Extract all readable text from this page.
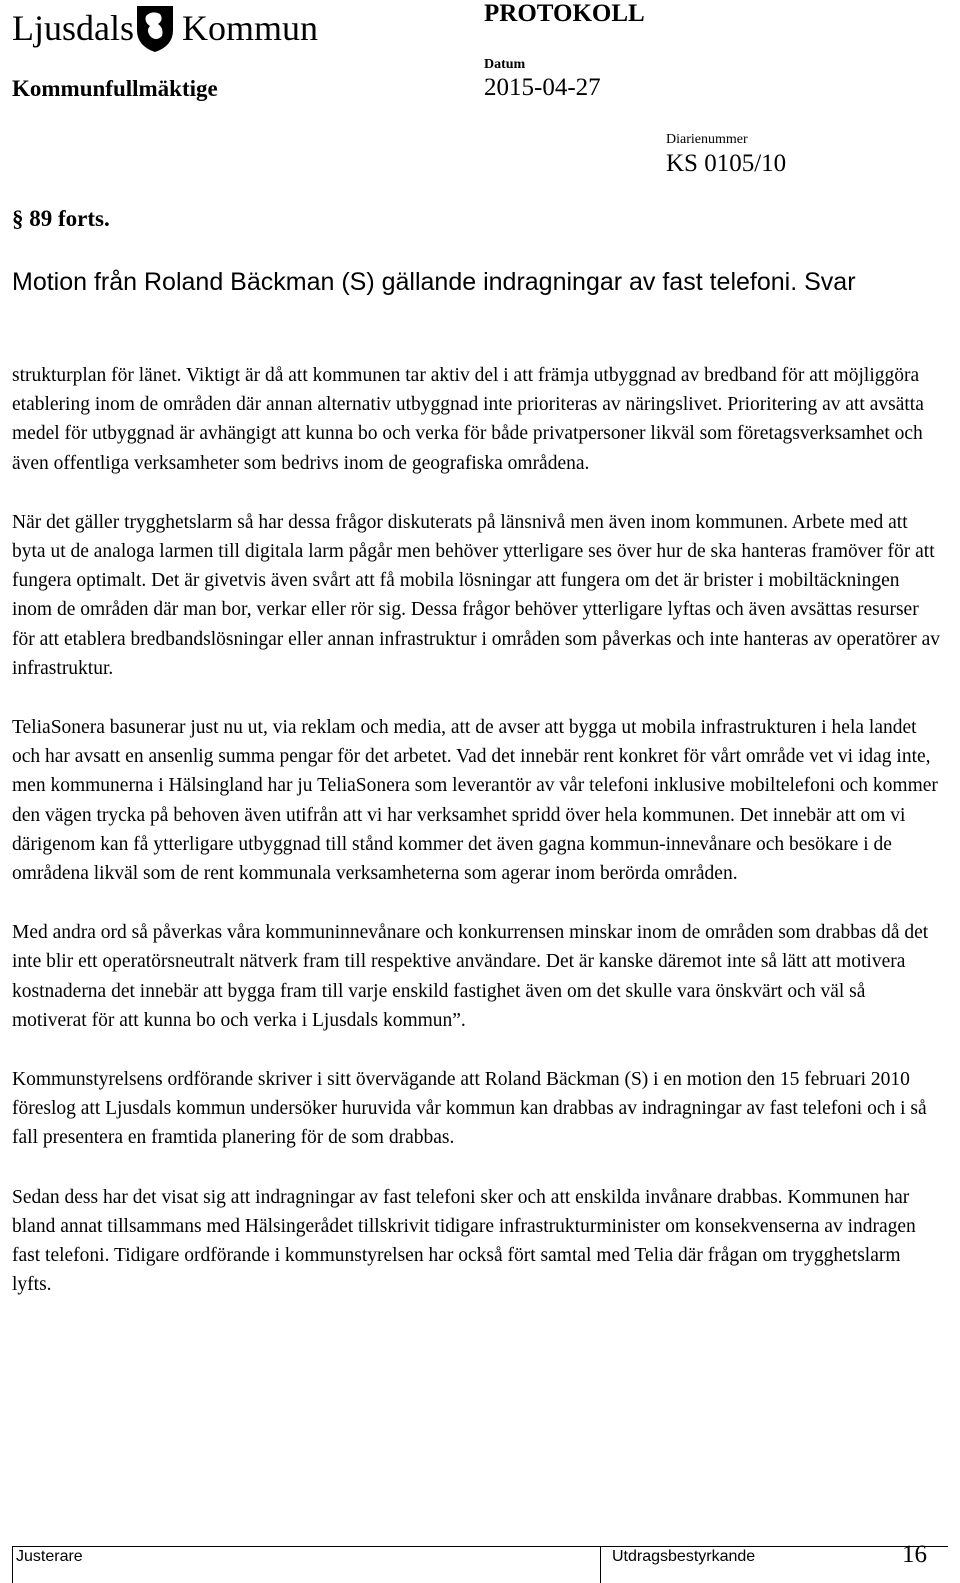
Ljusdals Kommun	PROTOKOLL
Kommunfullmäktige
Datum
2015-04-27
Diarienummer
KS 0105/10
§ 89 forts.
Motion från Roland Bäckman (S) gällande indragningar av fast telefoni. Svar

strukturplan för länet. Viktigt är då att kommunen tar aktiv del i att främja utbyggnad av bredband för att möjliggöra etablering inom de områden där annan alternativ utbyggnad inte prioriteras av näringslivet. Prioritering av att avsätta medel för utbyggnad är avhängigt att kunna bo och verka för både privatpersoner likväl som företagsverksamhet och även offentliga verksamheter som bedrivs inom de geografiska områdena.

När det gäller trygghetslarm så har dessa frågor diskuterats på länsnivå men även inom kommunen. Arbete med att byta ut de analoga larmen till digitala larm pågår men behöver ytterligare ses över hur de ska hanteras framöver för att fungera optimalt. Det är givetvis även svårt att få mobila lösningar att fungera om det är brister i mobiltäckningen inom de områden där man bor, verkar eller rör sig. Dessa frågor behöver ytterligare lyftas och även avsättas resurser för att etablera bredbandslösningar eller annan infrastruktur i områden som påverkas och inte hanteras av operatörer av infrastruktur.

TeliaSonera basunerar just nu ut, via reklam och media, att de avser att bygga ut mobila infrastrukturen i hela landet och har avsatt en ansenlig summa pengar för det arbetet. Vad det innebär rent konkret för vårt område vet vi idag inte, men kommunerna i Hälsingland har ju TeliaSonera som leverantör av vår telefoni inklusive mobiltelefoni och kommer den vägen trycka på behoven även utifrån att vi har verksamhet spridd över hela kommunen. Det innebär att om vi därigenom kan få ytterligare utbyggnad till stånd kommer det även gagna kommun-innevånare och besökare i de områdena likväl som de rent kommunala verksamheterna som agerar inom berörda områden.

Med andra ord så påverkas våra kommuninnevånare och konkurrensen minskar inom de områden som drabbas då det inte blir ett operatörsneutralt nätverk fram till respektive användare. Det är kanske däremot inte så lätt att motivera kostnaderna det innebär att bygga fram till varje enskild fastighet även om det skulle vara önskvärt och väl så motiverat för att kunna bo och verka i Ljusdals kommun”.

Kommunstyrelsens ordförande skriver i sitt övervägande att Roland Bäckman (S) i en motion den 15 februari 2010 föreslog att Ljusdals kommun undersöker huruvida vår kommun kan drabbas av indragningar av fast telefoni och i så fall presentera en framtida planering för de som drabbas.

Sedan dess har det visat sig att indragningar av fast telefoni sker och att enskilda invånare drabbas. Kommunen har bland annat tillsammans med Hälsingerådet tillskrivit tidigare infrastrukturminister om konsekvenserna av indragen fast telefoni. Tidigare ordförande i kommunstyrelsen har också fört samtal med Telia där frågan om trygghetslarm lyfts.

Justerare	Utdragsbestyrkande	16
